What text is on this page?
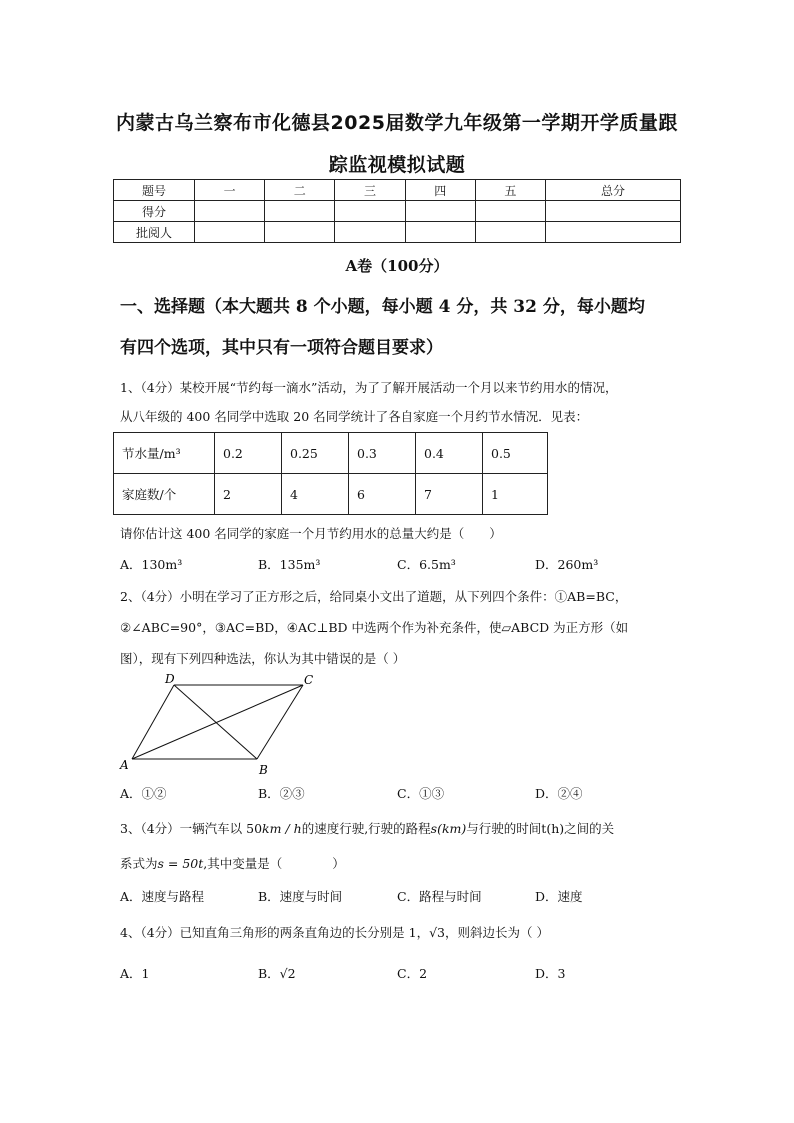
内蒙古乌兰察布市化德县2025届数学九年级第一学期开学质量跟
踪监视模拟试题
题号	一	二	三	四	五	总分
得分						
批阅人						
A卷（100分）
一、选择题（本大题共 8 个小题，每小题 4 分，共 32 分，每小题均
有四个选项，其中只有一项符合题目要求）
1、（4分）某校开展“节约每一滴水”活动，为了了解开展活动一个月以来节约用水的情况，
从八年级的 400 名同学中选取 20 名同学统计了各自家庭一个月约节水情况．见表：
节水量/m³	0.2	0.25	0.3	0.4	0.5
家庭数/个	2	4	6	7	1
请你估计这 400 名同学的家庭一个月节约用水的总量大约是（　　）
A．130m³	B．135m³	C．6.5m³	D．260m³
2、（4分）小明在学习了正方形之后，给同桌小文出了道题，从下列四个条件：①AB=BC，
②∠ABC=90°，③AC=BD，④AC⊥BD 中选两个作为补充条件，使▱ABCD 为正方形（如
图），现有下列四种选法，你认为其中错误的是（ ）
A	B
C
D
A．①②	B．②③	C．①③	D．②④
3、（4分）一辆汽车以 50km / h的速度行驶,行驶的路程s(km)与行驶的时间t(h)之间的关
系式为s = 50t,其中变量是（　　　　）
A．速度与路程	B．速度与时间	C．路程与时间	D．速度
4、（4分）已知直角三角形的两条直角边的长分别是 1，√3，则斜边长为（ ）
A．1	B．√2	C．2	D．3
